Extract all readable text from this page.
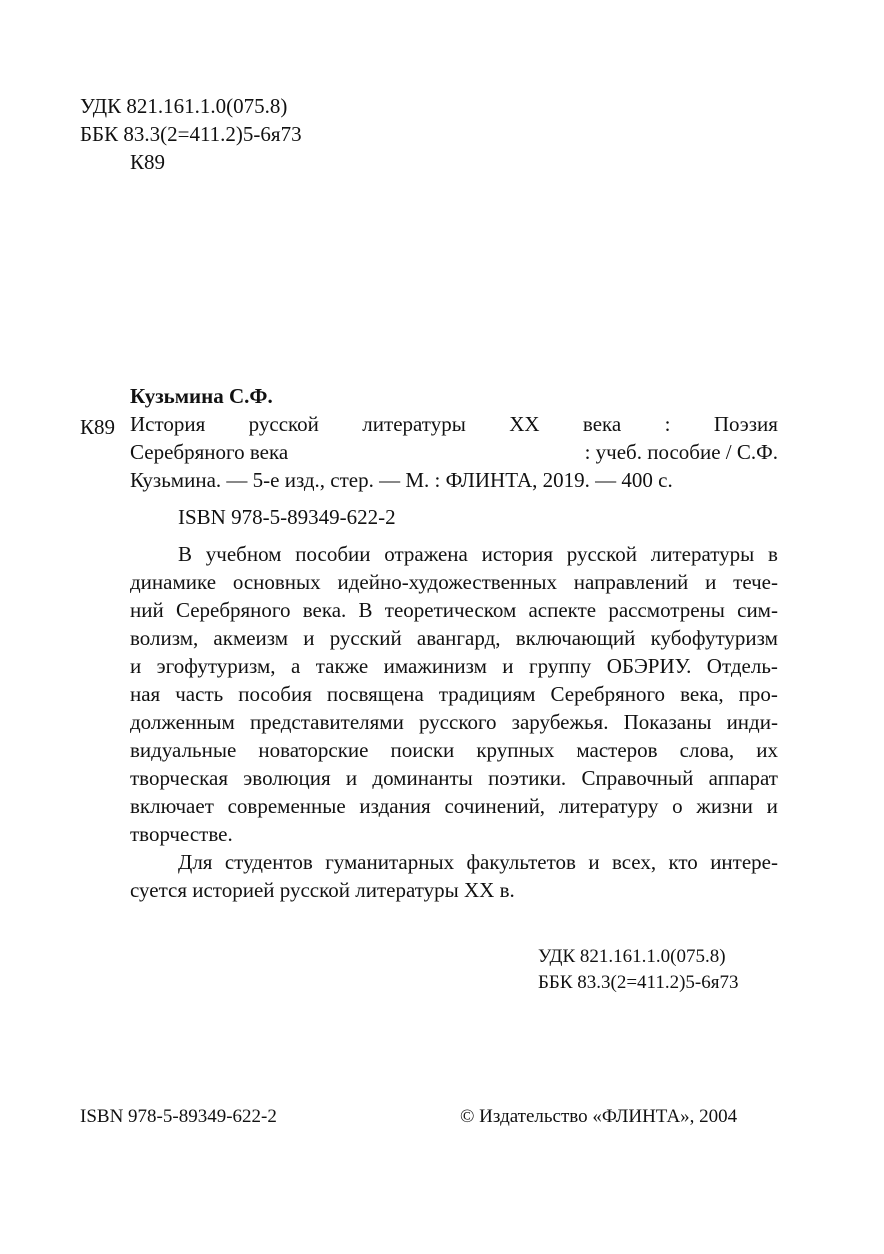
УДК 821.161.1.0(075.8)
ББК 83.3(2=411.2)5-6я73
К89
Кузьмина С.Ф.
К89 История русской литературы XX века : Поэзия
Серебряного века	: учеб. пособие / С.Ф.
Кузьмина. — 5-е изд., стер. — М. : ФЛИНТА, 2019. — 400 с.
ISBN 978-5-89349-622-2
В учебном пособии отражена история русской литературы в
динамике основных идейно-художественных направлений и тече-
ний Серебряного века. В теоретическом аспекте рассмотрены сим-
волизм, акмеизм и русский авангард, включающий кубофутуризм
и эгофутуризм, а также имажинизм и группу ОБЭРИУ. Отдель-
ная часть пособия посвящена традициям Серебряного века, про-
долженным представителями русского зарубежья. Показаны инди-
видуальные новаторские поиски крупных мастеров слова, их
творческая эволюция и доминанты поэтики. Справочный аппарат
включает современные издания сочинений, литературу о жизни и
творчестве.
Для студентов гуманитарных факультетов и всех, кто интере-
суется историей русской литературы XX в.
УДК 821.161.1.0(075.8)
ББК 83.3(2=411.2)5-6я73
ISBN 978-5-89349-622-2	© Издательство «ФЛИНТА», 2004
